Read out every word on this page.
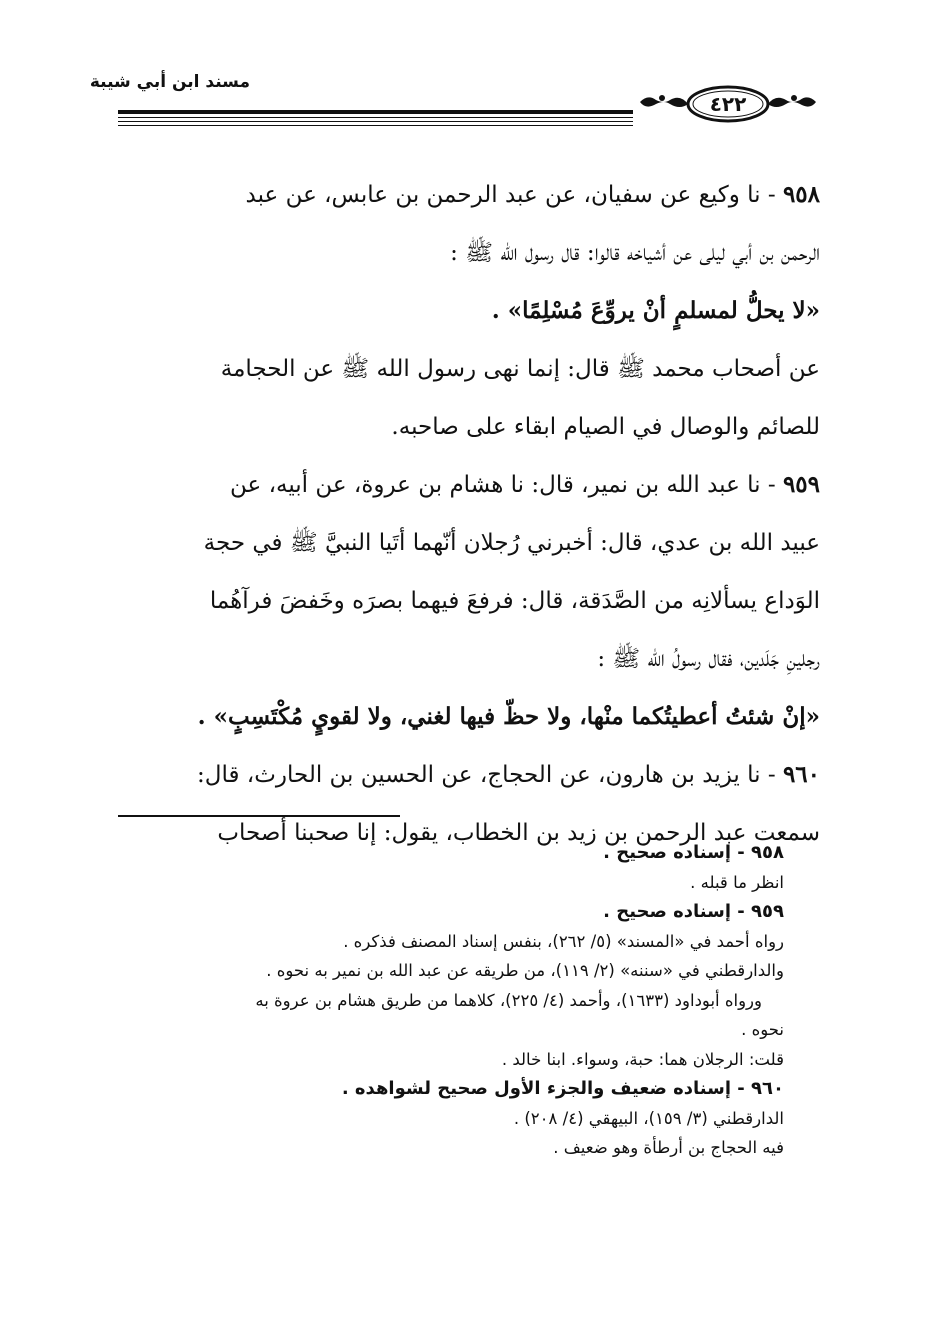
مسند ابن أبي شيبة
٤٢٢
٩٥٨ - نا وكيع عن سفيان، عن عبد الرحمن بن عابس، عن عبد
الرحمن بن أبي ليلى عن أشياخه قالوا: قال رسول الله ﷺ :
«لا يحلُّ لمسلمٍ أنْ يروِّعَ مُسْلِمًا» .
عن أصحاب محمد ﷺ قال: إنما نهى رسول الله ﷺ عن الحجامة
للصائم والوصال في الصيام ابقاء على صاحبه.
٩٥٩ - نا عبد الله بن نمير، قال: نا هشام بن عروة، عن أبيه، عن
عبيد الله بن عدي، قال: أخبرني رُجلان أنّهما أتَيا النبيَّ ﷺ في حجة
الوَداع يسألانِه من الصَّدَقة، قال: فرفعَ فيهما بصرَه وخَفضَ فرآهُما
رجلينِ جَلَدين، فقال رسولُ الله ﷺ :
«إنْ شئتُ أعطيتُكما منْها، ولا حظّ فيها لغني، ولا لقويٍ مُكْتَسِبٍ» .
٩٦٠ - نا يزيد بن هارون، عن الحجاج، عن الحسين بن الحارث، قال:
سمعت عبد الرحمن بن زيد بن الخطاب، يقول: إنا صحبنا أصحاب
٩٥٨ - إسناده صحيح .
انظر ما قبله .
٩٥٩ - إسناده صحيح .
رواه أحمد في «المسند» (٥/ ٢٦٢)، بنفس إسناد المصنف فذكره .
والدارقطني في «سننه» (٢/ ١١٩)، من طريقه عن عبد الله بن نمير به نحوه .
ورواه أبوداود (١٦٣٣)، وأحمد (٤/ ٢٢٥)، كلاهما من طريق هشام بن عروة به
نحوه .
قلت: الرجلان هما: حبة، وسواء. ابنا خالد .
٩٦٠ - إسناده ضعيف والجزء الأول صحيح لشواهده .
الدارقطني (٣/ ١٥٩)، البيهقي (٤/ ٢٠٨) .
فيه الحجاج بن أرطأة وهو ضعيف .
